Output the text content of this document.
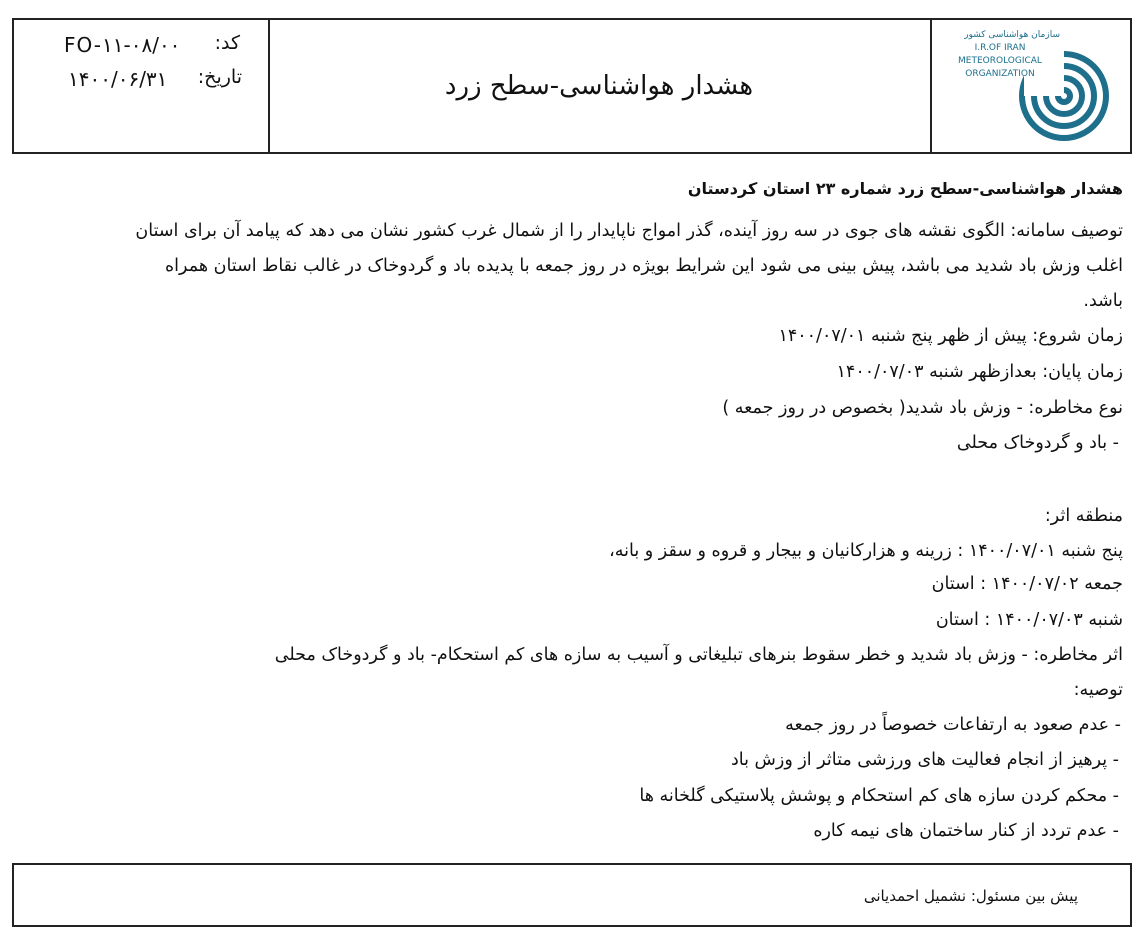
کد:
FO-۱۱-۰۸/۰۰
تاریخ:
۱۴۰۰/۰۶/۳۱	هشدار هواشناسی-سطح زرد
سازمان هواشناسی کشور
I.R.OF IRAN
METEOROLOGICAL
ORGANIZATION
هشدار هواشناسی-سطح زرد شماره ۲۳ استان کردستان
توصیف سامانه: الگوی نقشه های جوی در سه روز آینده، گذر امواج ناپایدار را از شمال غرب کشور نشان می دهد که پیامد آن برای استان
اغلب وزش باد شدید می باشد، پیش بینی می شود این شرایط بویژه در روز جمعه با پدیده باد و گردوخاک در غالب نقاط استان همراه
باشد.
زمان شروع: پیش از ظهر پنج شنبه ۱۴۰۰/۰۷/۰۱
زمان پایان: بعدازظهر شنبه ۱۴۰۰/۰۷/۰۳
نوع مخاطره: - وزش باد شدید( بخصوص در روز جمعه )
- باد و گردوخاک محلی
منطقه اثر:
پنج شنبه ۱۴۰۰/۰۷/۰۱ : زرینه و هزارکانیان و بیجار و قروه و سقز و بانه،
جمعه ۱۴۰۰/۰۷/۰۲ : استان
شنبه ۱۴۰۰/۰۷/۰۳ : استان
اثر مخاطره: - وزش باد شدید و خطر سقوط بنرهای تبلیغاتی و آسیب به سازه های کم استحکام- باد و گردوخاک محلی
توصیه:
- عدم صعود به ارتفاعات خصوصاً در روز جمعه
- پرهیز از انجام فعالیت های ورزشی متاثر از وزش باد
- محکم کردن سازه های کم استحکام و پوشش پلاستیکی گلخانه ها
- عدم تردد از کنار ساختمان های نیمه کاره
پیش بین مسئول: نشمیل احمدیانی
